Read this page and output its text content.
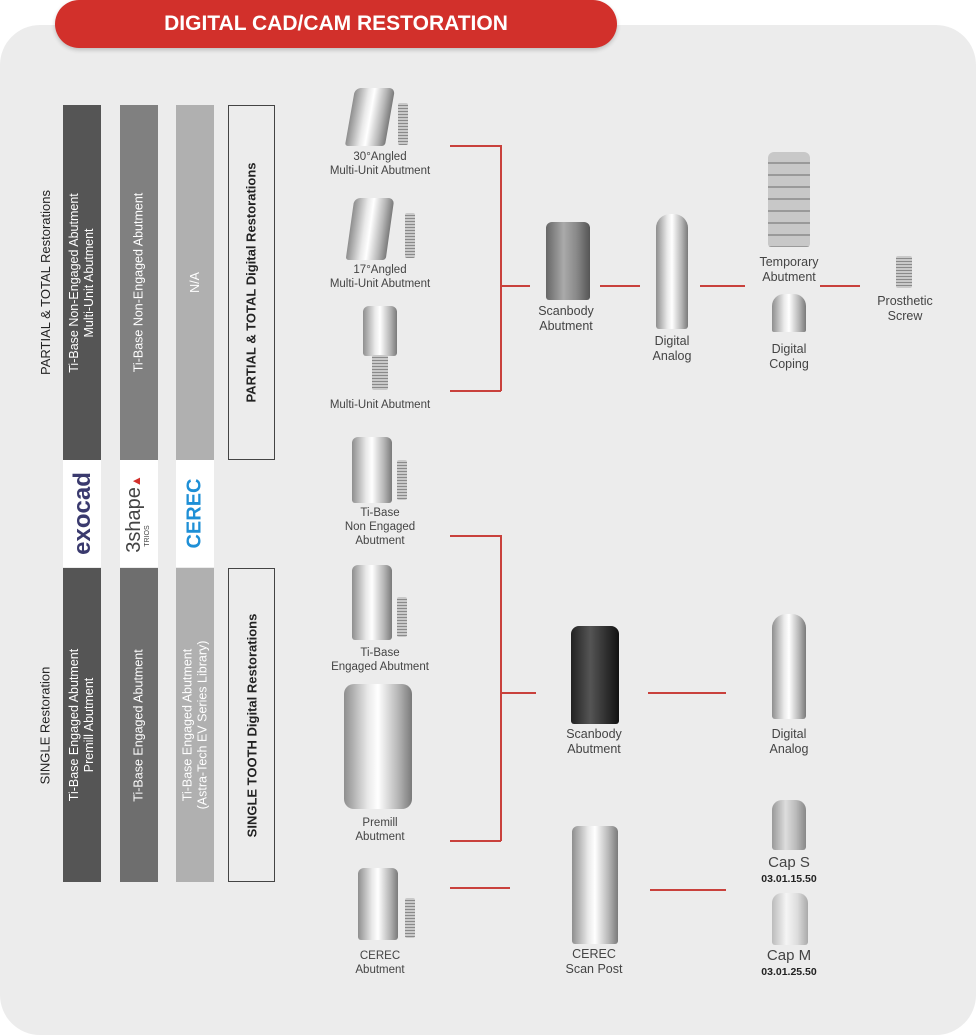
DIGITAL CAD/CAM RESTORATION
PARTIAL & TOTAL Restorations
SINGLE Restoration
Ti-Base Non-Engaged Abutment Multi-Unit Abutment	Ti-Base Non-Engaged Abutment	N/A	PARTIAL & TOTAL Digital Restorations
exocad 3shape▲
TRIOS CEREC
Ti-Base Engaged Abutment Premill Abutment	Ti-Base Engaged Abutment	Ti-Base Engaged Abutment (Astra-Tech EV Series Library)	SINGLE TOOTH Digital Restorations
30°Angled
Multi-Unit Abutment
17°Angled
Multi-Unit Abutment
Multi-Unit Abutment
Scanbody
Abutment
Digital
Analog
Temporary
Abutment
Digital
Coping
Prosthetic
Screw
Ti-Base
Non Engaged
Abutment
Ti-Base
Engaged Abutment
Premill
Abutment
CEREC
Abutment
Scanbody
Abutment
Digital
Analog
CEREC
Scan Post
Cap S
03.01.15.50
Cap M
03.01.25.50
